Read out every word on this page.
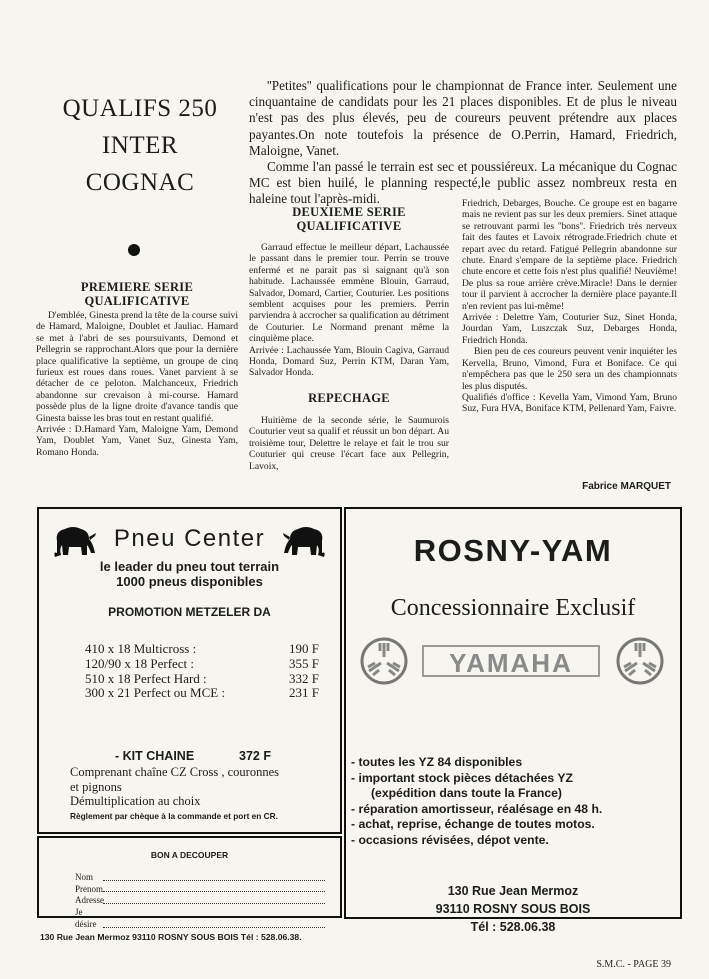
QUALIFS 250
INTER
COGNAC

''Petites'' qualifications pour le championnat de France inter. Seulement une cinquantaine de candidats pour les 21 places disponibles. Et de plus le niveau n'est pas des plus élevés, peu de coureurs peuvent prétendre aux places payantes.On note toutefois la présence de O.Perrin, Hamard, Friedrich, Maloigne, Vanet.

Comme l'an passé le terrain est sec et poussiéreux. La mécanique du Cognac MC est bien huilé, le planning respecté,le public assez nombreux resta en haleine tout l'après-midi.

PREMIERE SERIE
QUALIFICATIVE

D'emblée, Ginesta prend la tête de la course suivi de Hamard, Maloigne, Doublet et Jauliac. Hamard se met à l'abri de ses poursuivants, Demond et Pellegrin se rapprochant.Alors que pour la dernière place qualificative la septième, un groupe de cinq furieux est roues dans roues. Vanet parvient à se détacher de ce peloton. Malchanceux, Friedrich abandonne sur crevaison à mi-course. Hamard possède plus de la ligne droite d'avance tandis que Ginesta baisse les bras tout en restant qualifié.

Arrivée : D.Hamard Yam, Maloigne Yam, Demond Yam, Doublet Yam, Vanet Suz, Ginesta Yam, Romano Honda.

DEUXIEME SERIE
QUALIFICATIVE

Garraud effectue le meilleur départ, Lachaussée le passant dans le premier tour. Perrin se trouve enfermé et ne parait pas si saignant qu'à son habitude. Lachaussée emmène Blouin, Garraud, Salvador, Domard, Cartier, Couturier. Les positions semblent acquises pour les premiers. Perrin parviendra à accrocher sa qualification au détriment de Couturier. Le Normand prenant même la cinquième place.

Arrivée : Lachaussée Yam, Blouin Cagiva, Garraud Honda, Domard Suz, Perrin KTM, Daran Yam, Salvador Honda.

REPECHAGE

Huitième de la seconde série, le Saumurois Couturier veut sa qualif et réussit un bon départ. Au troisième tour, Delettre le relaye et fait le trou sur Couturier qui creuse l'écart face aux Pellegrin, Lavoix,

Friedrich, Debarges, Bouche. Ce groupe est en bagarre mais ne revient pas sur les deux premiers. Sinet attaque se retrouvant parmi les ''bons''. Friedrich très nerveux fait des fautes et Lavoix rétrograde.Friedrich chute et repart avec du retard. Fatigué Pellegrin abandonne sur chute. Enard s'empare de la septième place. Friedrich chute encore et cette fois n'est plus qualifié! Neuvième! De plus sa roue arrière crève.Miracle! Dans le dernier tour il parvient à accrocher la dernière place payante.Il n'en revient pas lui-même!

Arrivée : Delettre Yam, Couturier Suz, Sinet Honda, Jourdan Yam, Luszczak Suz, Debarges Honda, Friedrich Honda.

Bien peu de ces coureurs peuvent venir inquiéter les Kervella, Bruno, Vimond, Fura et Boniface. Ce qui n'empêchera pas que le 250 sera un des championnats les plus disputés.

Qualifiés d'office : Kevella Yam, Vimond Yam, Bruno Suz, Fura HVA, Boniface KTM, Pellenard Yam, Faivre.

Fabrice MARQUET
Pneu Center
le leader du pneu tout terrain
1000 pneus disponibles
PROMOTION METZELER DA
410 x 18 Multicross :	190 F
120/90 x 18 Perfect :	355 F
510 x 18 Perfect Hard :	332 F
300 x 21 Perfect ou MCE :	231 F
- KIT CHAINE	372 F
Comprenant chaîne CZ Cross , couronnes
et pignons
Démultiplication au choix
Règlement par chèque à la commande et port en CR.
BON A DECOUPER
Nom
Prenom
Adresse
Je désire
130 Rue Jean Mermoz 93110 ROSNY SOUS BOIS Tél : 528.06.38.
ROSNY-YAM
Concessionnaire Exclusif
YAMAHA
- toutes les YZ 84 disponibles
- important stock pièces détachées YZ
(expédition dans toute la France)
- réparation amortisseur, réalésage en 48 h.
- achat, reprise, échange de toutes motos.
- occasions révisées, dépot vente.
130 Rue Jean Mermoz
93110 ROSNY SOUS BOIS
Tél : 528.06.38
S.M.C. - PAGE 39
